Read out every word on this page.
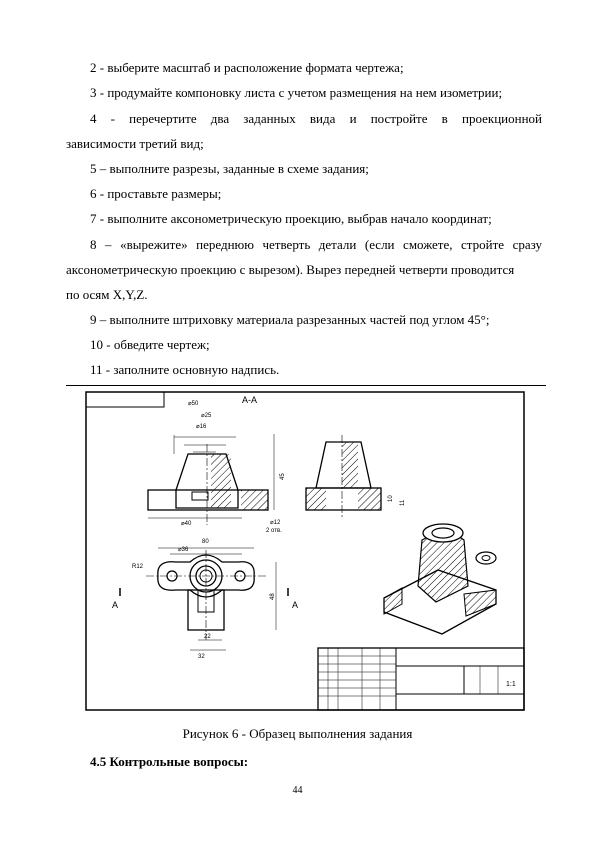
2 - выберите масштаб и расположение формата чертежа;
3 - продумайте компоновку листа с учетом размещения на нем изометрии;
4 - перечертите два заданных вида и постройте в проекционной
зависимости третий вид;
5 – выполните разрезы, заданные в схеме задания;
6 - проставьте размеры;
7 - выполните аксонометрическую проекцию, выбрав начало координат;
8 – «вырежите» переднюю четверть детали (если сможете, стройте сразу
аксонометрическую проекцию с вырезом). Вырез передней четверти проводится
по осям X,Y,Z.
9 – выполните штриховку материала разрезанных частей под углом 45°;
10 - обведите чертеж;
11 - заполните основную надпись.
⌀50
⌀25
⌀16
⌀40	⌀12
2 отв.
45
А-А
10
11
80
⌀36
R12
48
22
32
А	А
1:1
Рисунок 6 - Образец выполнения задания
4.5 Контрольные вопросы:
44
